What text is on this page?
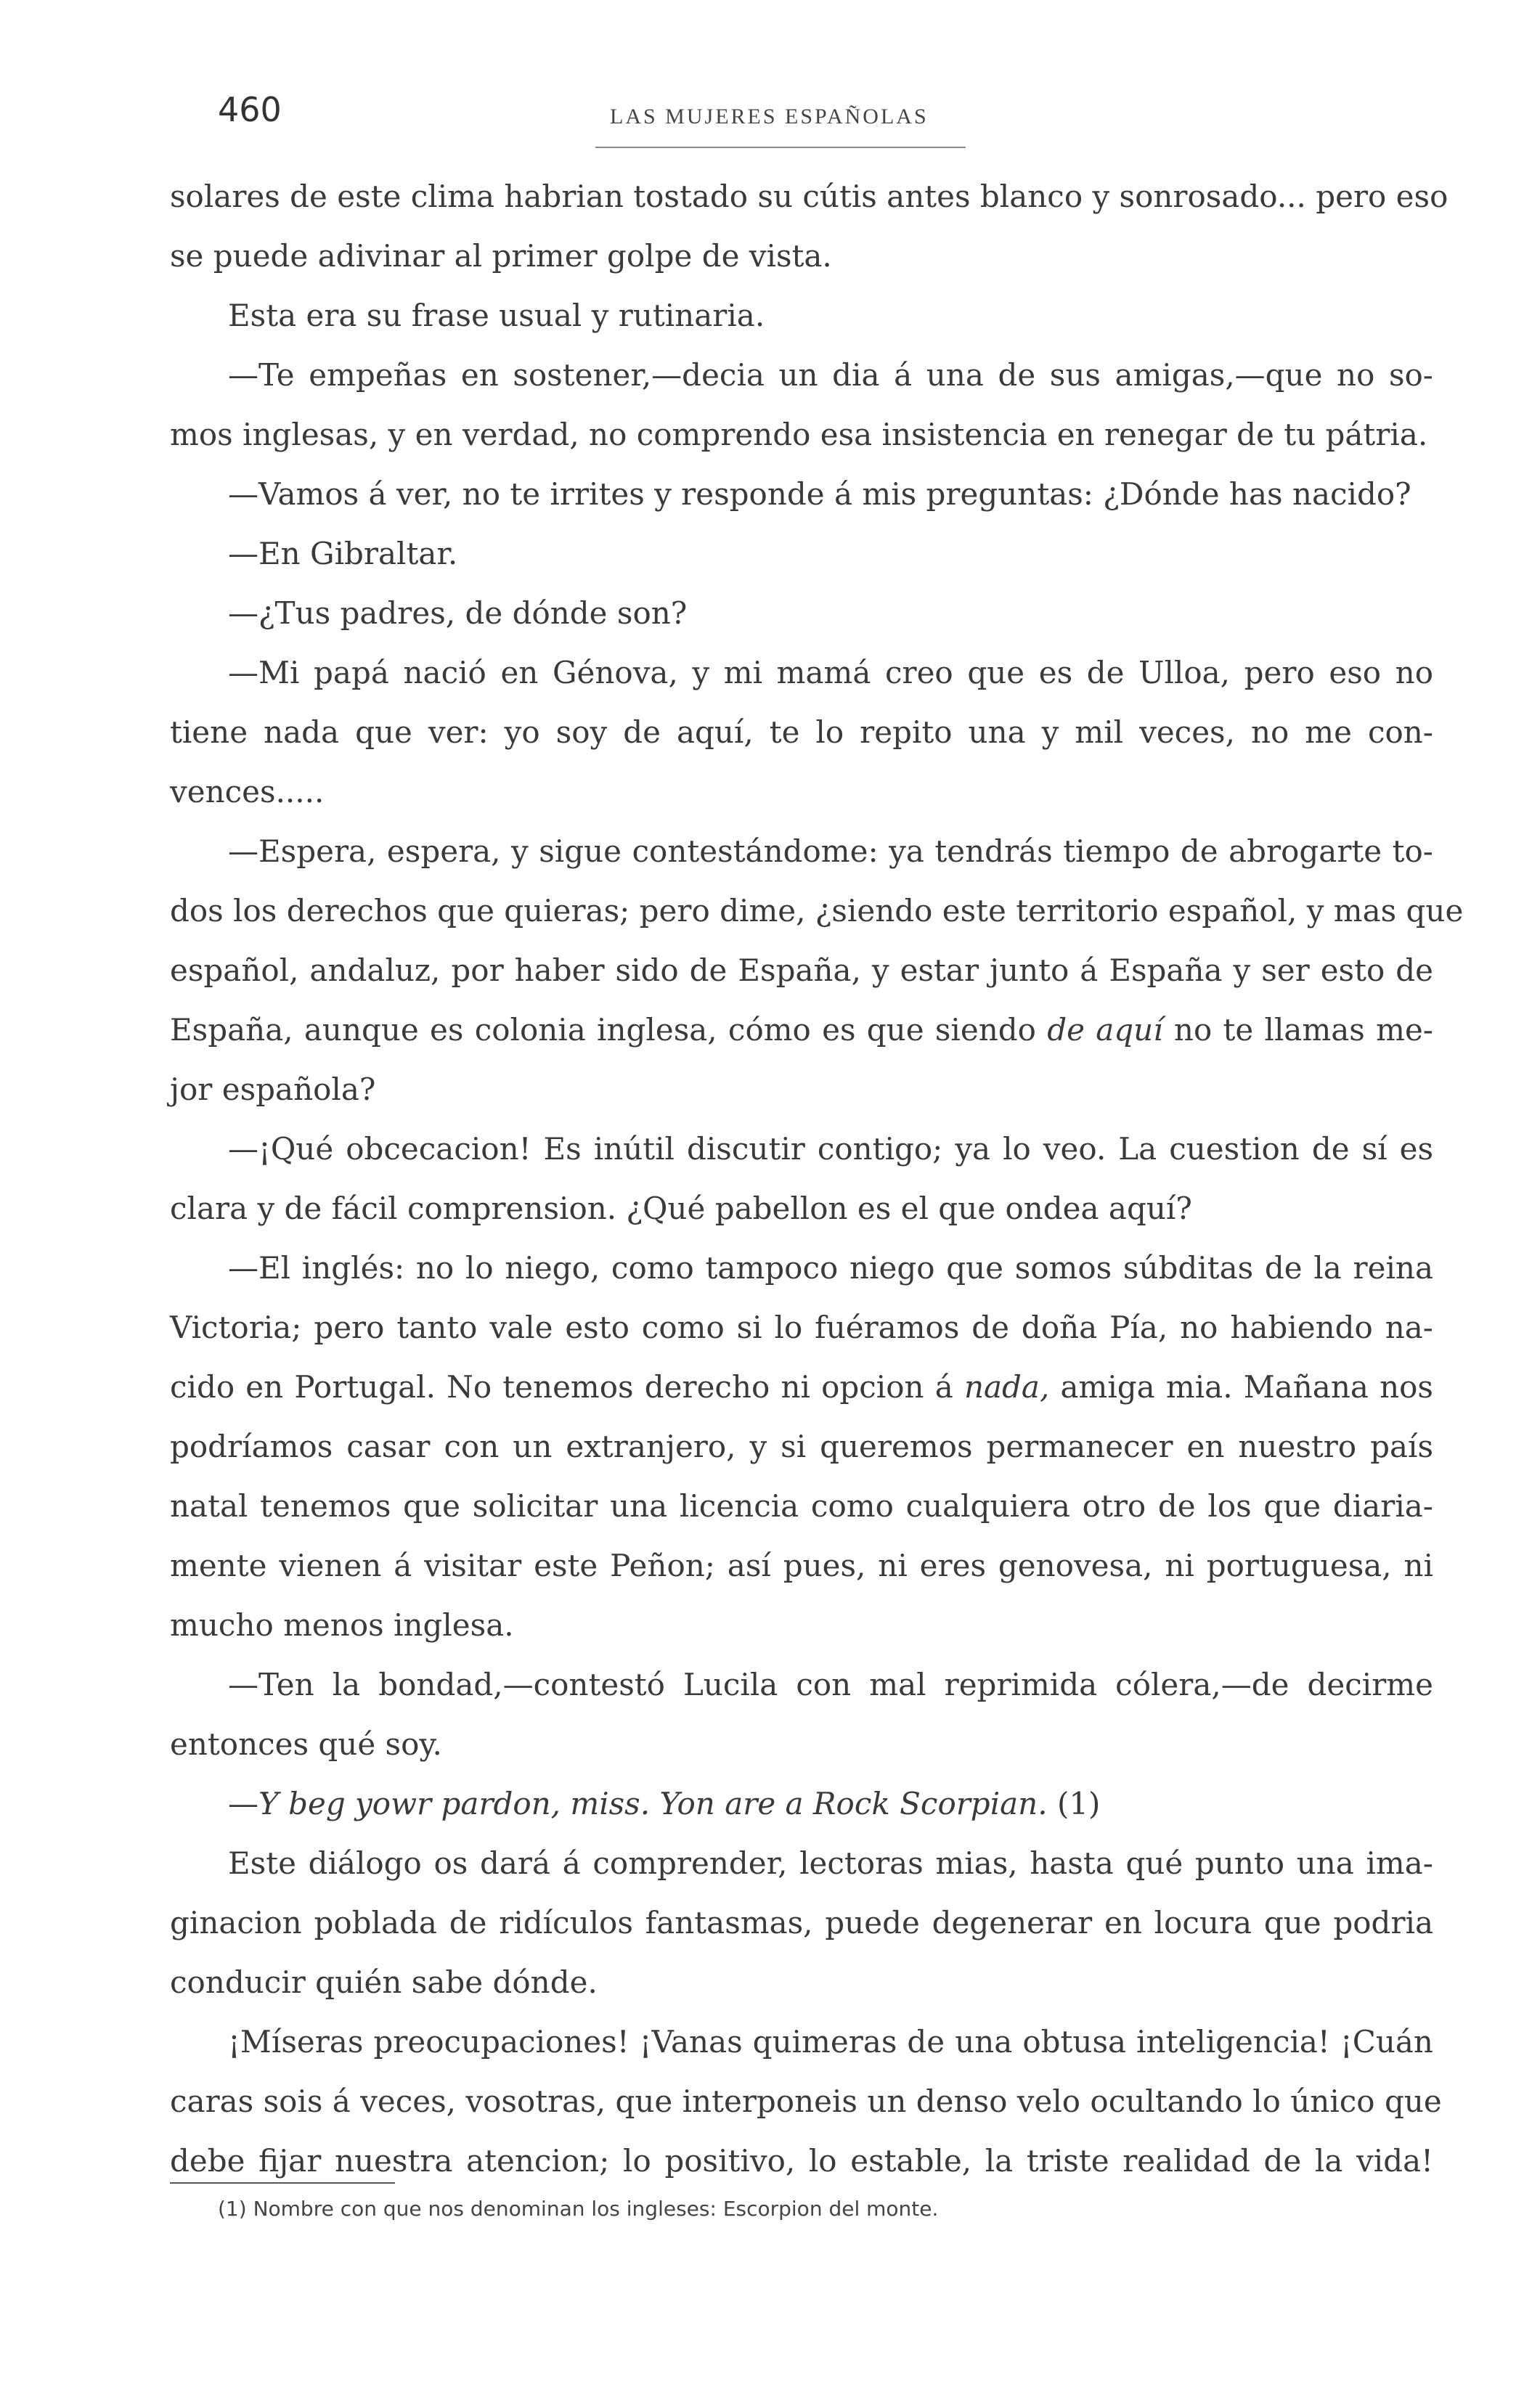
460	LAS MUJERES ESPAÑOLAS
solares de este clima habrian tostado su cútis antes blanco y sonrosado... pero eso
se puede adivinar al primer golpe de vista.
Esta era su frase usual y rutinaria.
—Te empeñas en sostener,—decia un dia á una de sus amigas,—que no so-
mos inglesas, y en verdad, no comprendo esa insistencia en renegar de tu pátria.
—Vamos á ver, no te irrites y responde á mis preguntas: ¿Dónde has nacido?
—En Gibraltar.
—¿Tus padres, de dónde son?
—Mi papá nació en Génova, y mi mamá creo que es de Ulloa, pero eso no
tiene nada que ver: yo soy de aquí, te lo repito una y mil veces, no me con-
vences.....
—Espera, espera, y sigue contestándome: ya tendrás tiempo de abrogarte to-
dos los derechos que quieras; pero dime, ¿siendo este territorio español, y mas que
español, andaluz, por haber sido de España, y estar junto á España y ser esto de
España, aunque es colonia inglesa, cómo es que siendo de aquí no te llamas me-
jor española?
—¡Qué obcecacion! Es inútil discutir contigo; ya lo veo. La cuestion de sí es
clara y de fácil comprension. ¿Qué pabellon es el que ondea aquí?
—El inglés: no lo niego, como tampoco niego que somos súbditas de la reina
Victoria; pero tanto vale esto como si lo fuéramos de doña Pía, no habiendo na-
cido en Portugal. No tenemos derecho ni opcion á nada, amiga mia. Mañana nos
podríamos casar con un extranjero, y si queremos permanecer en nuestro país
natal tenemos que solicitar una licencia como cualquiera otro de los que diaria-
mente vienen á visitar este Peñon; así pues, ni eres genovesa, ni portuguesa, ni
mucho menos inglesa.
—Ten la bondad,—contestó Lucila con mal reprimida cólera,—de decirme
entonces qué soy.
—Y beg yowr pardon, miss. Yon are a Rock Scorpian. (1)
Este diálogo os dará á comprender, lectoras mias, hasta qué punto una ima-
ginacion poblada de ridículos fantasmas, puede degenerar en locura que podria
conducir quién sabe dónde.
¡Míseras preocupaciones! ¡Vanas quimeras de una obtusa inteligencia! ¡Cuán
caras sois á veces, vosotras, que interponeis un denso velo ocultando lo único que
debe fijar nuestra atencion; lo positivo, lo estable, la triste realidad de la vida!
(1) Nombre con que nos denominan los ingleses: Escorpion del monte.
